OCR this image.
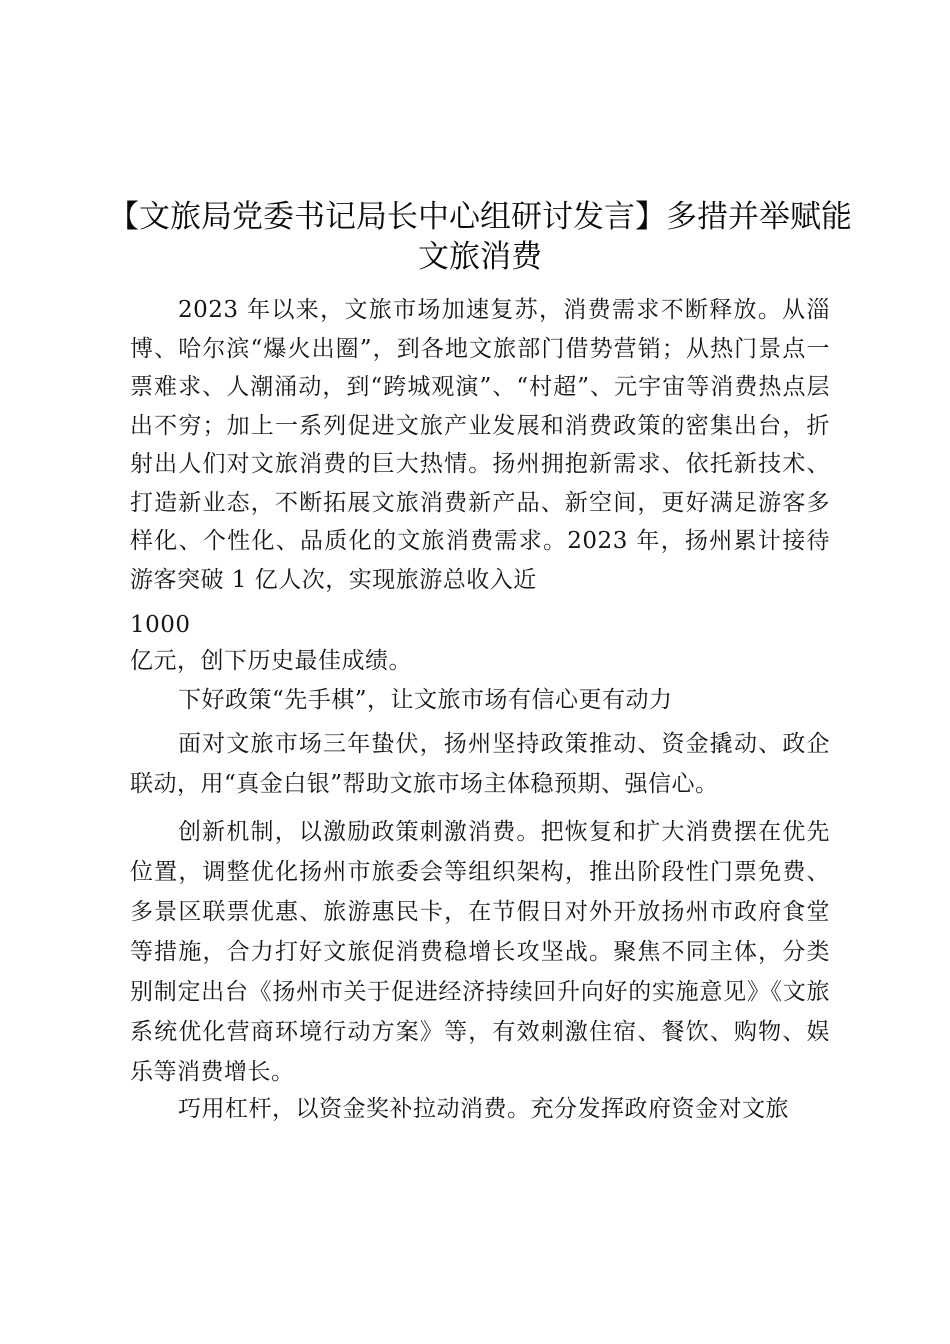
【文旅局党委书记局长中心组研讨发言】多措并举赋能文旅消费

2023 年以来，文旅市场加速复苏，消费需求不断释放。从淄博、哈尔滨“爆火出圈”，到各地文旅部门借势营销；从热门景点一票难求、人潮涌动，到“跨城观演”、“村超”、元宇宙等消费热点层出不穷；加上一系列促进文旅产业发展和消费政策的密集出台，折射出人们对文旅消费的巨大热情。扬州拥抱新需求、依托新技术、打造新业态，不断拓展文旅消费新产品、新空间，更好满足游客多样化、个性化、品质化的文旅消费需求。2023 年，扬州累计接待游客突破 1 亿人次，实现旅游总收入近

1000

亿元，创下历史最佳成绩。

下好政策“先手棋”，让文旅市场有信心更有动力

面对文旅市场三年蛰伏，扬州坚持政策推动、资金撬动、政企联动，用“真金白银”帮助文旅市场主体稳预期、强信心。

创新机制，以激励政策刺激消费。把恢复和扩大消费摆在优先位置，调整优化扬州市旅委会等组织架构，推出阶段性门票免费、多景区联票优惠、旅游惠民卡，在节假日对外开放扬州市政府食堂等措施，合力打好文旅促消费稳增长攻坚战。聚焦不同主体，分类别制定出台《扬州市关于促进经济持续回升向好的实施意见》《文旅系统优化营商环境行动方案》等，有效刺激住宿、餐饮、购物、娱乐等消费增长。

巧用杠杆，以资金奖补拉动消费。充分发挥政府资金对文旅
